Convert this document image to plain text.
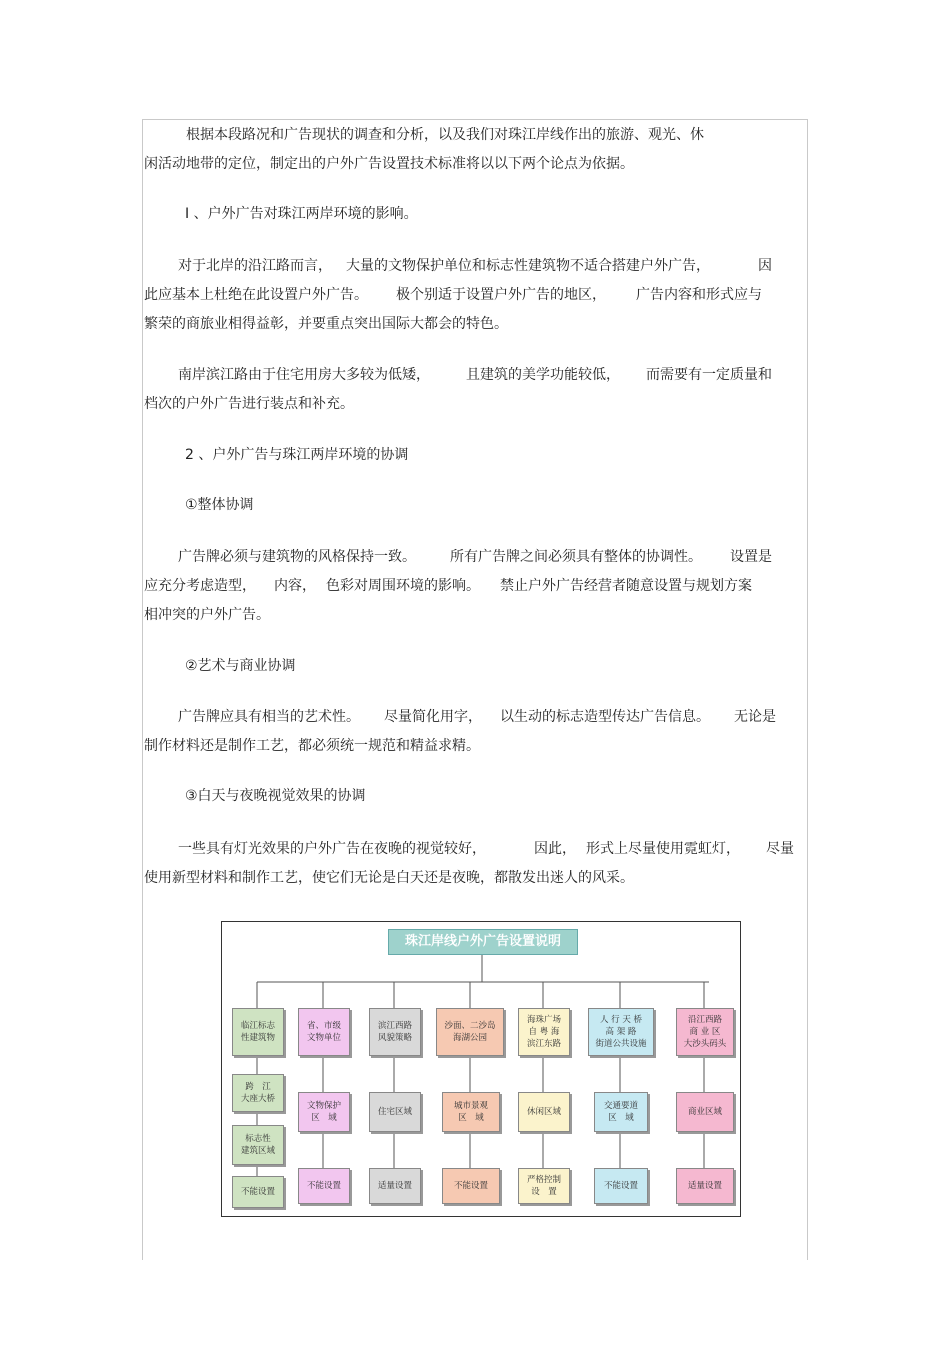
根据本段路况和广告现状的调查和分析，以及我们对珠江岸线作出的旅游、观光、休
闲活动地带的定位，制定出的户外广告设置技术标准将以以下两个论点为依据。
Ⅰ 、户外广告对珠江两岸环境的影响。
对于北岸的沿江路而言， 大量的文物保护单位和标志性建筑物不适合搭建户外广告，	因
此应基本上杜绝在此设置户外广告。 极个别适于设置户外广告的地区， 广告内容和形式应与
繁荣的商旅业相得益彰，并要重点突出国际大都会的特色。
南岸滨江路由于住宅用房大多较为低矮，	且建筑的美学功能较低， 而需要有一定质量和
档次的户外广告进行装点和补充。
2 、户外广告与珠江两岸环境的协调
①整体协调
广告牌必须与建筑物的风格保持一致。 所有广告牌之间必须具有整体的协调性。 设置是
应充分考虑造型， 内容， 色彩对周围环境的影响。 禁止户外广告经营者随意设置与规划方案
相冲突的户外广告。
②艺术与商业协调
广告牌应具有相当的艺术性。 尽量简化用字， 以生动的标志造型传达广告信息。 无论是
制作材料还是制作工艺，都必须统一规范和精益求精。
③白天与夜晚视觉效果的协调
一些具有灯光效果的户外广告在夜晚的视觉较好，	因此， 形式上尽量使用霓虹灯， 尽量
使用新型材料和制作工艺，使它们无论是白天还是夜晚，都散发出迷人的风采。
珠江岸线户外广告设置说明
临江标志
性建筑物
跨　江
大座大桥
标志性
建筑区域
不能设置
省、市级
文物单位
文物保护
区　域
不能设置
滨江西路
风貌策略
住宅区域
适量设置
沙面、二沙岛
海湖公园
城市景观
区　域
不能设置
海珠广场
自 粤 海
滨江东路
休闲区域
严格控制
设　置
人 行 天 桥
高 架 路
街道公共设施
交通要道
区　域
不能设置
沿江西路
商 业 区
大沙头码头
商业区域
适量设置
